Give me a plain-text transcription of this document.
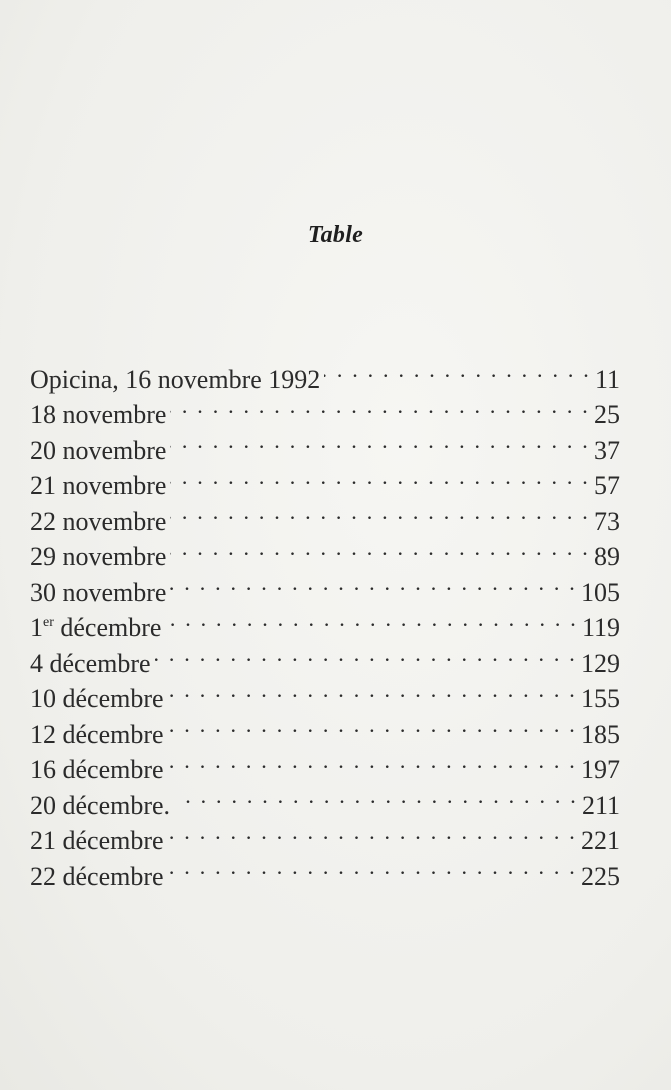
Table
Opicina, 16 novembre 1992 . . .	11
18 novembre . . .	25
20 novembre . . .	37
21 novembre . . .	57
22 novembre . . .	73
29 novembre . . .	89
30 novembre . . .	105
1er décembre . . .	119
4 décembre . . .	129
10 décembre . . .	155
12 décembre . . .	185
16 décembre . . .	197
20 décembre. . . .	211
21 décembre . . .	221
22 décembre . . .	225
